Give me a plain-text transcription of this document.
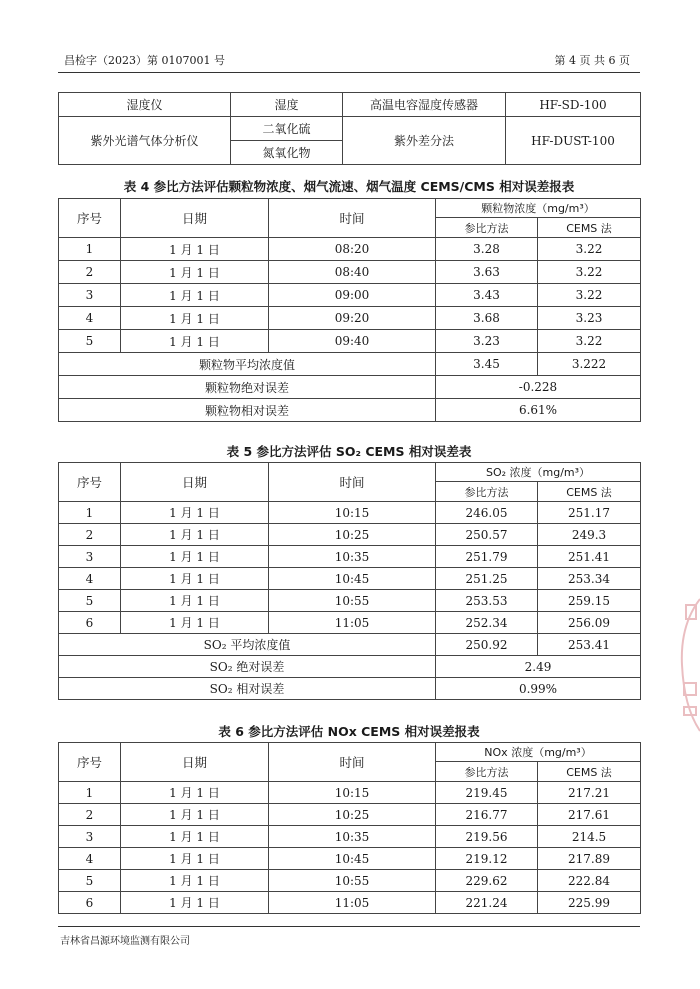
昌检字（2023）第 0107001 号	第 4 页 共 6 页
湿度仪	湿度	高温电容湿度传感器	HF-SD-100
紫外光谱气体分析仪	二氧化硫	紫外差分法	HF-DUST-100
	氮氧化物		
表 4 参比方法评估颗粒物浓度、烟气流速、烟气温度 CEMS/CMS 相对误差报表
序号	日期	时间	颗粒物浓度（mg/m³）	
			参比方法	CEMS 法
1	1 月 1 日	08:20	3.28	3.22
2	1 月 1 日	08:40	3.63	3.22
3	1 月 1 日	09:00	3.43	3.22
4	1 月 1 日	09:20	3.68	3.23
5	1 月 1 日	09:40	3.23	3.22
颗粒物平均浓度值			3.45	3.222
颗粒物绝对误差			-0.228	
颗粒物相对误差			6.61%	
表 5 参比方法评估 SO₂ CEMS 相对误差表
序号	日期	时间	SO₂ 浓度（mg/m³）	
			参比方法	CEMS 法
1	1 月 1 日	10:15	246.05	251.17
2	1 月 1 日	10:25	250.57	249.3
3	1 月 1 日	10:35	251.79	251.41
4	1 月 1 日	10:45	251.25	253.34
5	1 月 1 日	10:55	253.53	259.15
6	1 月 1 日	11:05	252.34	256.09
SO₂ 平均浓度值			250.92	253.41
SO₂ 绝对误差			2.49	
SO₂ 相对误差			0.99%	
表 6 参比方法评估 NOx CEMS 相对误差报表
序号	日期	时间	NOx 浓度（mg/m³）	
			参比方法	CEMS 法
1	1 月 1 日	10:15	219.45	217.21
2	1 月 1 日	10:25	216.77	217.61
3	1 月 1 日	10:35	219.56	214.5
4	1 月 1 日	10:45	219.12	217.89
5	1 月 1 日	10:55	229.62	222.84
6	1 月 1 日	11:05	221.24	225.99
吉林省昌源环境监测有限公司
